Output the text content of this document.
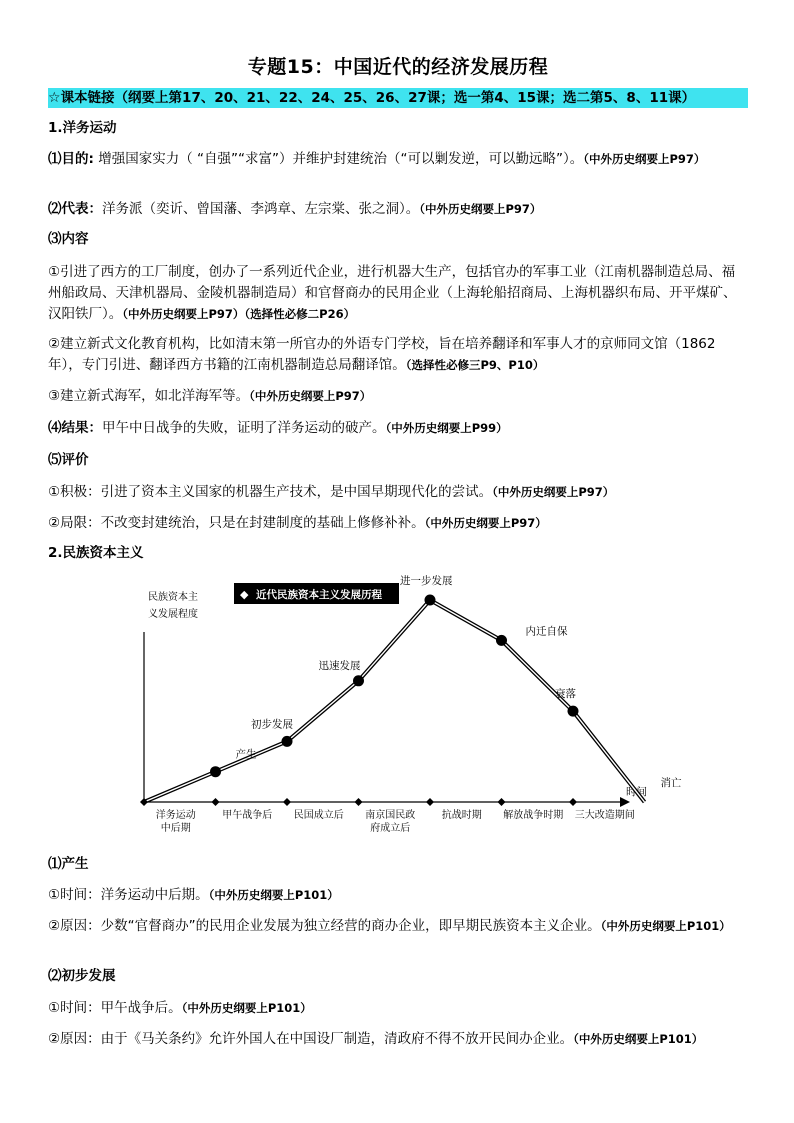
专题15：中国近代的经济发展历程
☆课本链接（纲要上第17、20、21、22、24、25、26、27课；选一第4、15课；选二第5、8、11课）
1.洋务运动
⑴目的: 增强国家实力（ “自强”“求富”）并维护封建统治（“可以剿发逆，可以勤远略”）。（中外历史纲要上P97）
⑵代表：洋务派（奕䜣、曾国藩、李鸿章、左宗棠、张之洞）。（中外历史纲要上P97）
⑶内容
①引进了西方的工厂制度，创办了一系列近代企业，进行机器大生产，包括官办的军事工业（江南机器制造总局、福州船政局、天津机器局、金陵机器制造局）和官督商办的民用企业（上海轮船招商局、上海机器织布局、开平煤矿、汉阳铁厂）。（中外历史纲要上P97）（选择性必修二P26）
②建立新式文化教育机构，比如清末第一所官办的外语专门学校，旨在培养翻译和军事人才的京师同文馆（1862年），专门引进、翻译西方书籍的江南机器制造总局翻译馆。（选择性必修三P9、P10）
③建立新式海军，如北洋海军等。（中外历史纲要上P97）
⑷结果：甲午中日战争的失败，证明了洋务运动的破产。（中外历史纲要上P99）
⑸评价
①积极：引进了资本主义国家的机器生产技术，是中国早期现代化的尝试。（中外历史纲要上P97）
②局限：不改变封建统治，只是在封建制度的基础上修修补补。（中外历史纲要上P97）
2.民族资本主义
⑴产生
①时间：洋务运动中后期。（中外历史纲要上P101）
②原因：少数“官督商办”的民用企业发展为独立经营的商办企业，即早期民族资本主义企业。（中外历史纲要上P101）
⑵初步发展
①时间：甲午战争后。（中外历史纲要上P101）
②原因：由于《马关条约》允许外国人在中国设厂制造，清政府不得不放开民间办企业。（中外历史纲要上P101）
民族资本主
义发展程度
时间
◆ 近代民族资本主义发展历程
洋务运动
中后期
甲午战争后 民国成立后 南京国民政
府成立后
抗战时期 解放战争时期 三大改造期间
产生
初步发展
迅速发展
进一步发展
内迁自保
衰落
消亡
